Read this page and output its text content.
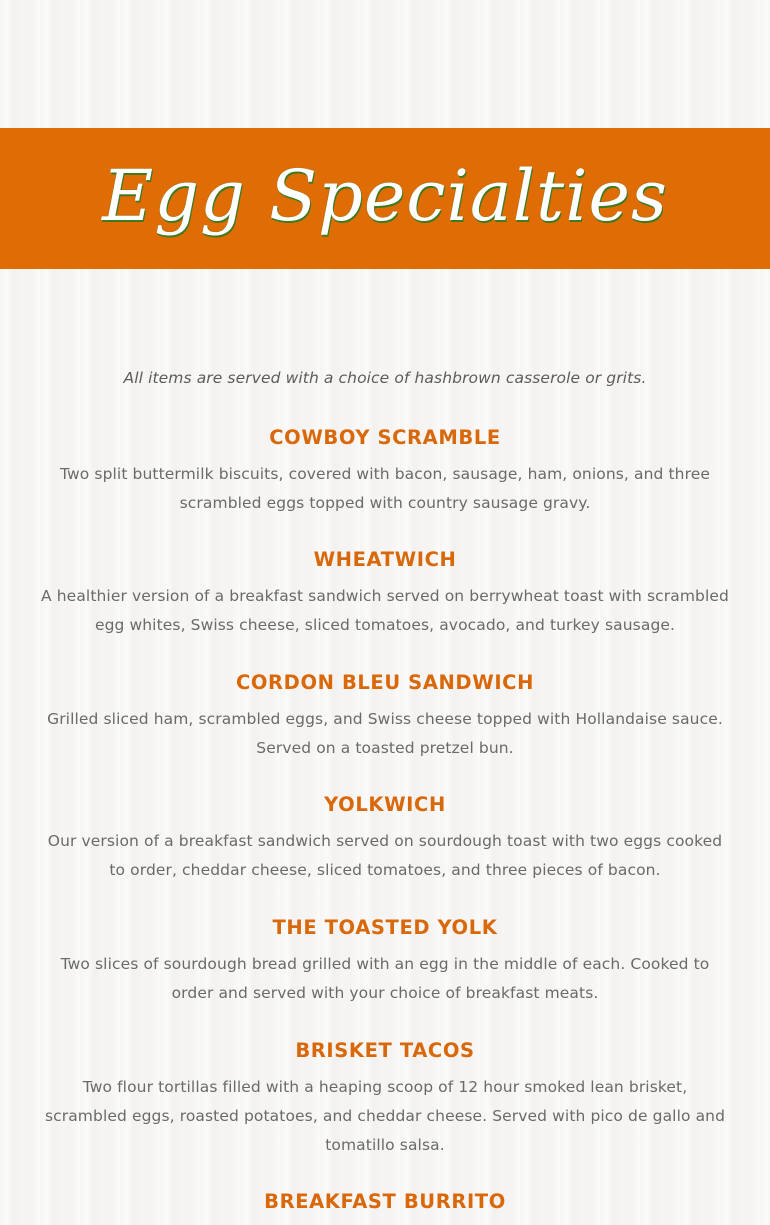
Egg Specialties
All items are served with a choice of hashbrown casserole or grits.
COWBOY SCRAMBLE

Two split buttermilk biscuits, covered with bacon, sausage, ham, onions, and three scrambled eggs topped with country sausage gravy.

WHEATWICH

A healthier version of a breakfast sandwich served on berrywheat toast with scrambled egg whites, Swiss cheese, sliced tomatoes, avocado, and turkey sausage.

CORDON BLEU SANDWICH

Grilled sliced ham, scrambled eggs, and Swiss cheese topped with Hollandaise sauce. Served on a toasted pretzel bun.

YOLKWICH

Our version of a breakfast sandwich served on sourdough toast with two eggs cooked to order, cheddar cheese, sliced tomatoes, and three pieces of bacon.

THE TOASTED YOLK

Two slices of sourdough bread grilled with an egg in the middle of each. Cooked to order and served with your choice of breakfast meats.

BRISKET TACOS

Two flour tortillas filled with a heaping scoop of 12 hour smoked lean brisket, scrambled eggs, roasted potatoes, and cheddar cheese. Served with pico de gallo and tomatillo salsa.

BREAKFAST BURRITO
